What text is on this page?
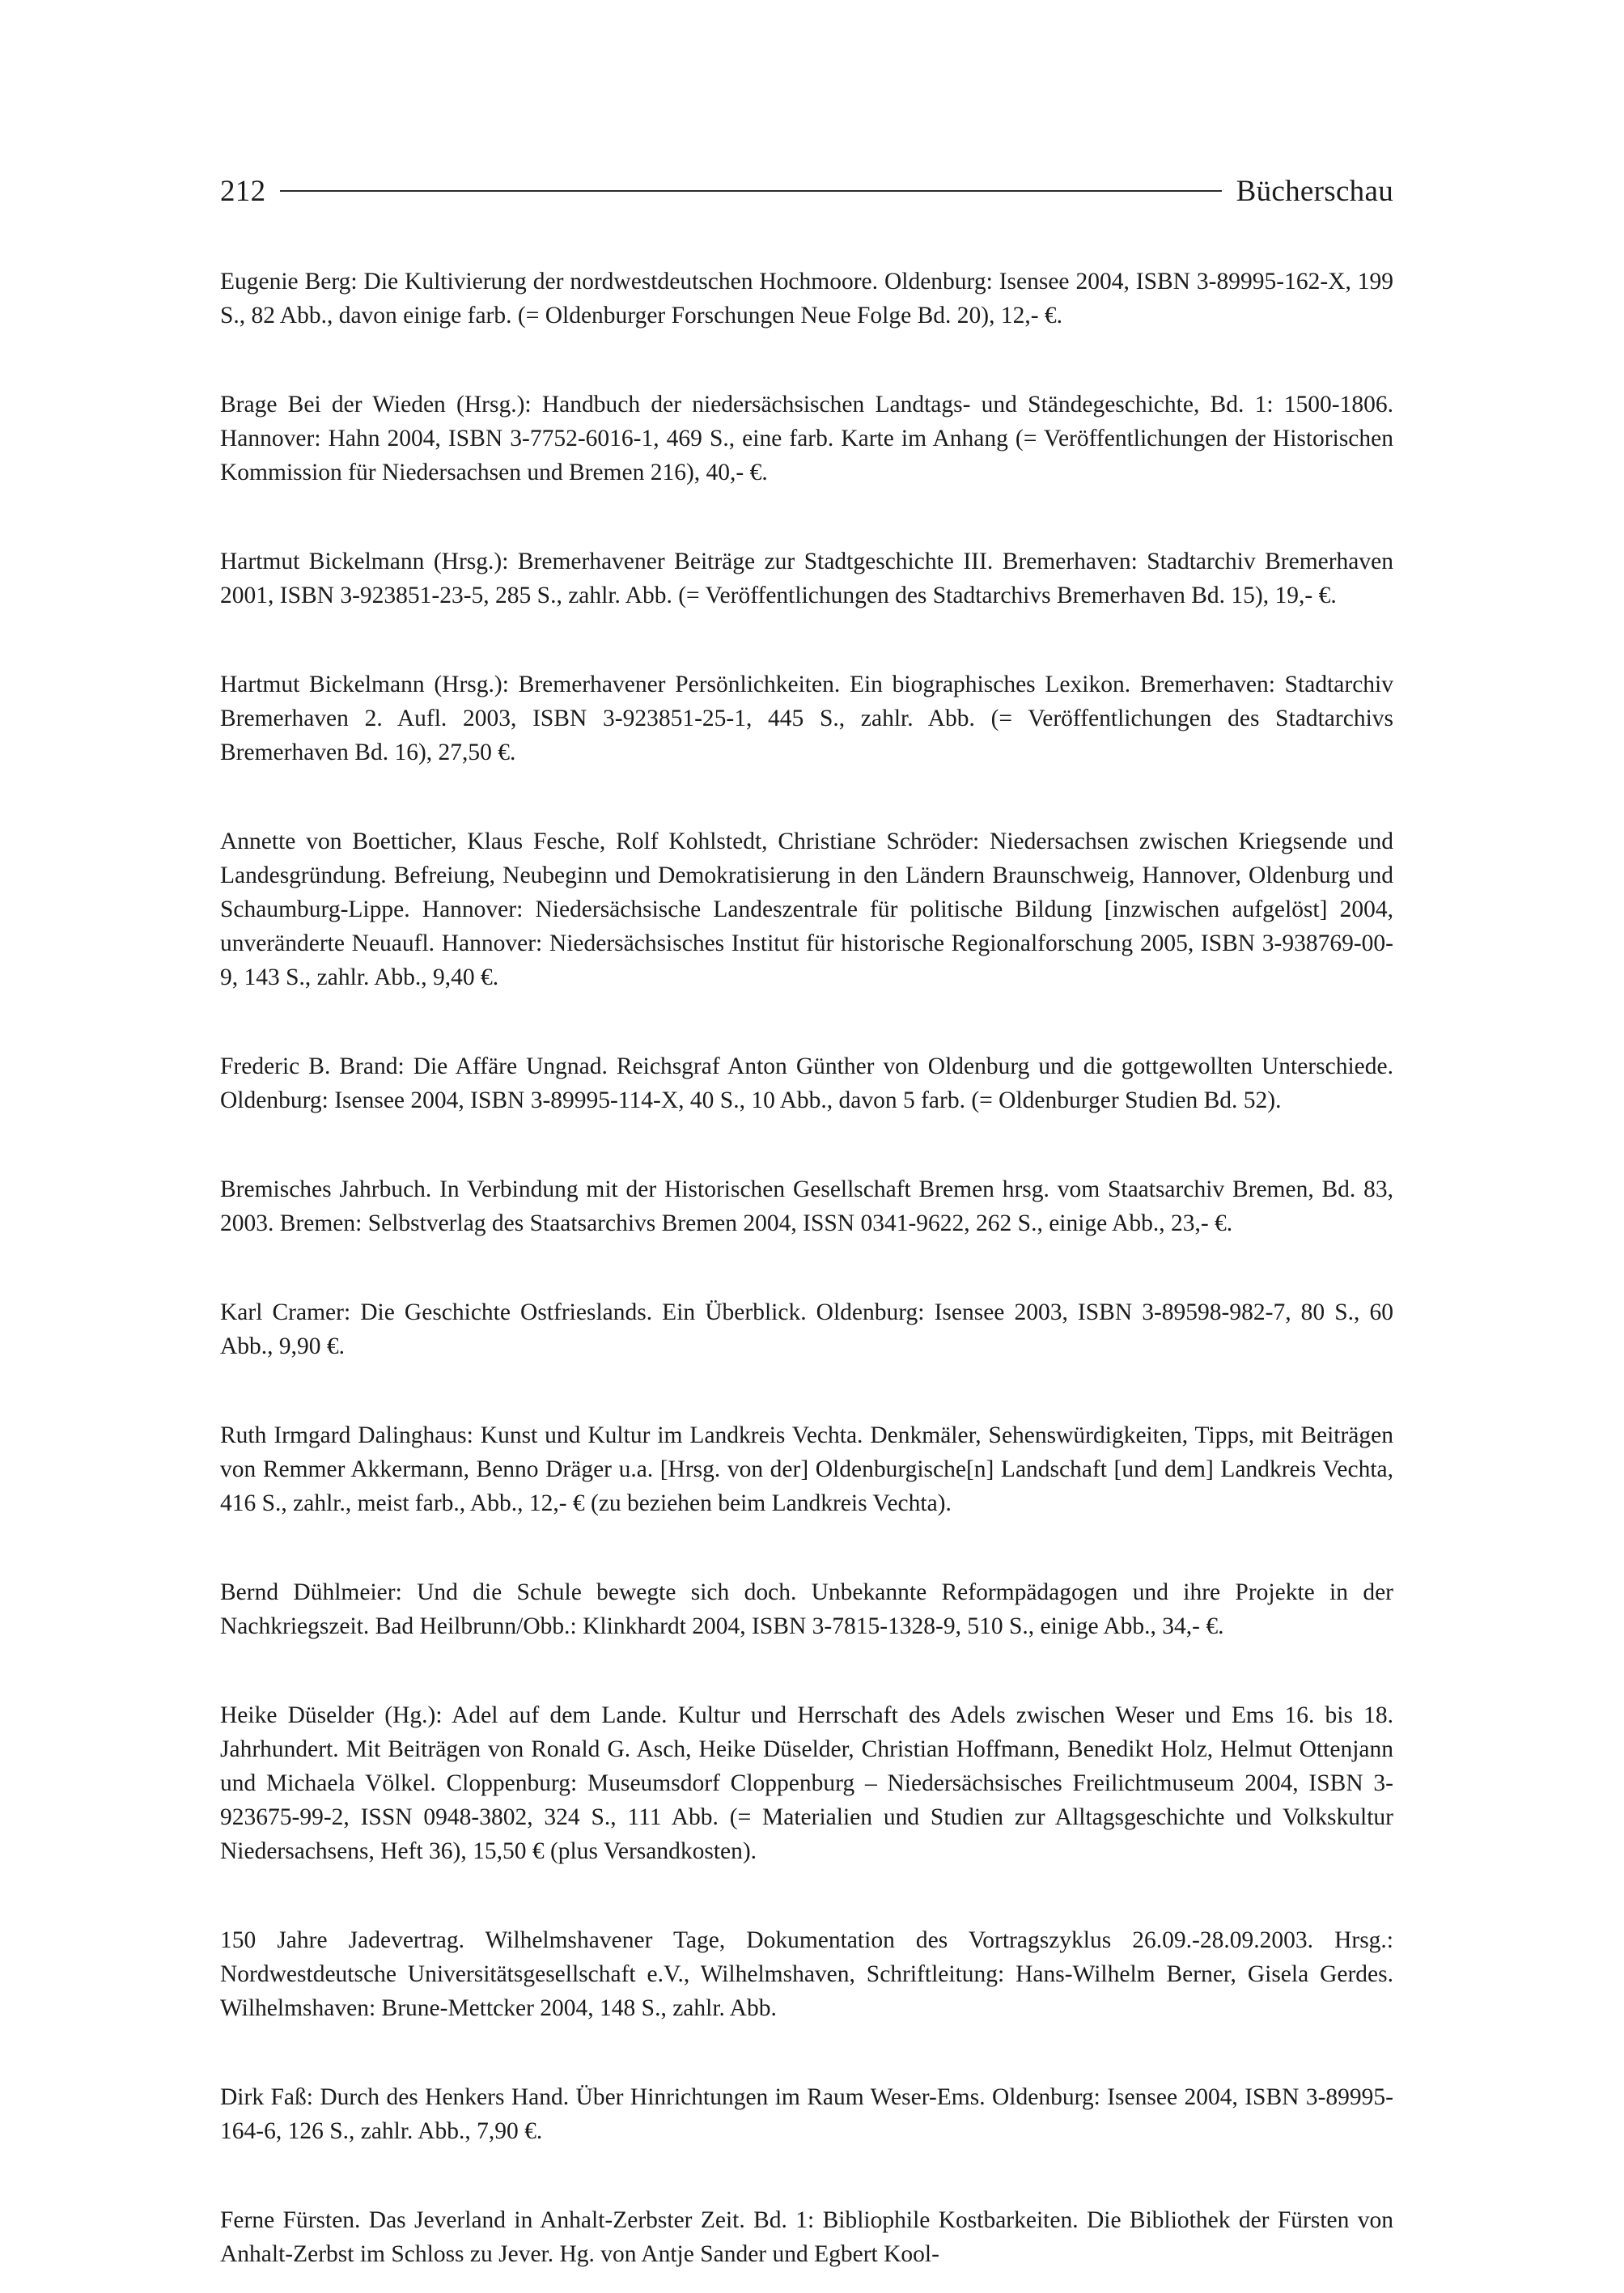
212	Bücherschau

Eugenie Berg: Die Kultivierung der nordwestdeutschen Hochmoore. Oldenburg: Isensee 2004, ISBN 3-89995-162-X, 199 S., 82 Abb., davon einige farb. (= Oldenburger Forschungen Neue Folge Bd. 20), 12,- €.

Brage Bei der Wieden (Hrsg.): Handbuch der niedersächsischen Landtags- und Ständegeschichte, Bd. 1: 1500-1806. Hannover: Hahn 2004, ISBN 3-7752-6016-1, 469 S., eine farb. Karte im Anhang (= Veröffentlichungen der Historischen Kommission für Niedersachsen und Bremen 216), 40,- €.

Hartmut Bickelmann (Hrsg.): Bremerhavener Beiträge zur Stadtgeschichte III. Bremerhaven: Stadtarchiv Bremerhaven 2001, ISBN 3-923851-23-5, 285 S., zahlr. Abb. (= Veröffentlichungen des Stadtarchivs Bremerhaven Bd. 15), 19,- €.

Hartmut Bickelmann (Hrsg.): Bremerhavener Persönlichkeiten. Ein biographisches Lexikon. Bremerhaven: Stadtarchiv Bremerhaven 2. Aufl. 2003, ISBN 3-923851-25-1, 445 S., zahlr. Abb. (= Veröffentlichungen des Stadtarchivs Bremerhaven Bd. 16), 27,50 €.

Annette von Boetticher, Klaus Fesche, Rolf Kohlstedt, Christiane Schröder: Niedersachsen zwischen Kriegsende und Landesgründung. Befreiung, Neubeginn und Demokratisierung in den Ländern Braunschweig, Hannover, Oldenburg und Schaumburg-Lippe. Hannover: Niedersächsische Landeszentrale für politische Bildung [inzwischen aufgelöst] 2004, unveränderte Neuaufl. Hannover: Niedersächsisches Institut für historische Regionalforschung 2005, ISBN 3-938769-00-9, 143 S., zahlr. Abb., 9,40 €.

Frederic B. Brand: Die Affäre Ungnad. Reichsgraf Anton Günther von Oldenburg und die gottgewollten Unterschiede. Oldenburg: Isensee 2004, ISBN 3-89995-114-X, 40 S., 10 Abb., davon 5 farb. (= Oldenburger Studien Bd. 52).

Bremisches Jahrbuch. In Verbindung mit der Historischen Gesellschaft Bremen hrsg. vom Staatsarchiv Bremen, Bd. 83, 2003. Bremen: Selbstverlag des Staatsarchivs Bremen 2004, ISSN 0341-9622, 262 S., einige Abb., 23,- €.

Karl Cramer: Die Geschichte Ostfrieslands. Ein Überblick. Oldenburg: Isensee 2003, ISBN 3-89598-982-7, 80 S., 60 Abb., 9,90 €.

Ruth Irmgard Dalinghaus: Kunst und Kultur im Landkreis Vechta. Denkmäler, Sehenswürdigkeiten, Tipps, mit Beiträgen von Remmer Akkermann, Benno Dräger u.a. [Hrsg. von der] Oldenburgische[n] Landschaft [und dem] Landkreis Vechta, 416 S., zahlr., meist farb., Abb., 12,- € (zu beziehen beim Landkreis Vechta).

Bernd Dühlmeier: Und die Schule bewegte sich doch. Unbekannte Reformpädagogen und ihre Projekte in der Nachkriegszeit. Bad Heilbrunn/Obb.: Klinkhardt 2004, ISBN 3-7815-1328-9, 510 S., einige Abb., 34,- €.

Heike Düselder (Hg.): Adel auf dem Lande. Kultur und Herrschaft des Adels zwischen Weser und Ems 16. bis 18. Jahrhundert. Mit Beiträgen von Ronald G. Asch, Heike Düselder, Christian Hoffmann, Benedikt Holz, Helmut Ottenjann und Michaela Völkel. Cloppenburg: Museumsdorf Cloppenburg – Niedersächsisches Freilichtmuseum 2004, ISBN 3-923675-99-2, ISSN 0948-3802, 324 S., 111 Abb. (= Materialien und Studien zur Alltagsgeschichte und Volkskultur Niedersachsens, Heft 36), 15,50 € (plus Versandkosten).

150 Jahre Jadevertrag. Wilhelmshavener Tage, Dokumentation des Vortragszyklus 26.09.-28.09.2003. Hrsg.: Nordwestdeutsche Universitätsgesellschaft e.V., Wilhelmshaven, Schriftleitung: Hans-Wilhelm Berner, Gisela Gerdes. Wilhelmshaven: Brune-Mettcker 2004, 148 S., zahlr. Abb.

Dirk Faß: Durch des Henkers Hand. Über Hinrichtungen im Raum Weser-Ems. Oldenburg: Isensee 2004, ISBN 3-89995-164-6, 126 S., zahlr. Abb., 7,90 €.

Ferne Fürsten. Das Jeverland in Anhalt-Zerbster Zeit. Bd. 1: Bibliophile Kostbarkeiten. Die Bibliothek der Fürsten von Anhalt-Zerbst im Schloss zu Jever. Hg. von Antje Sander und Egbert Kool-
